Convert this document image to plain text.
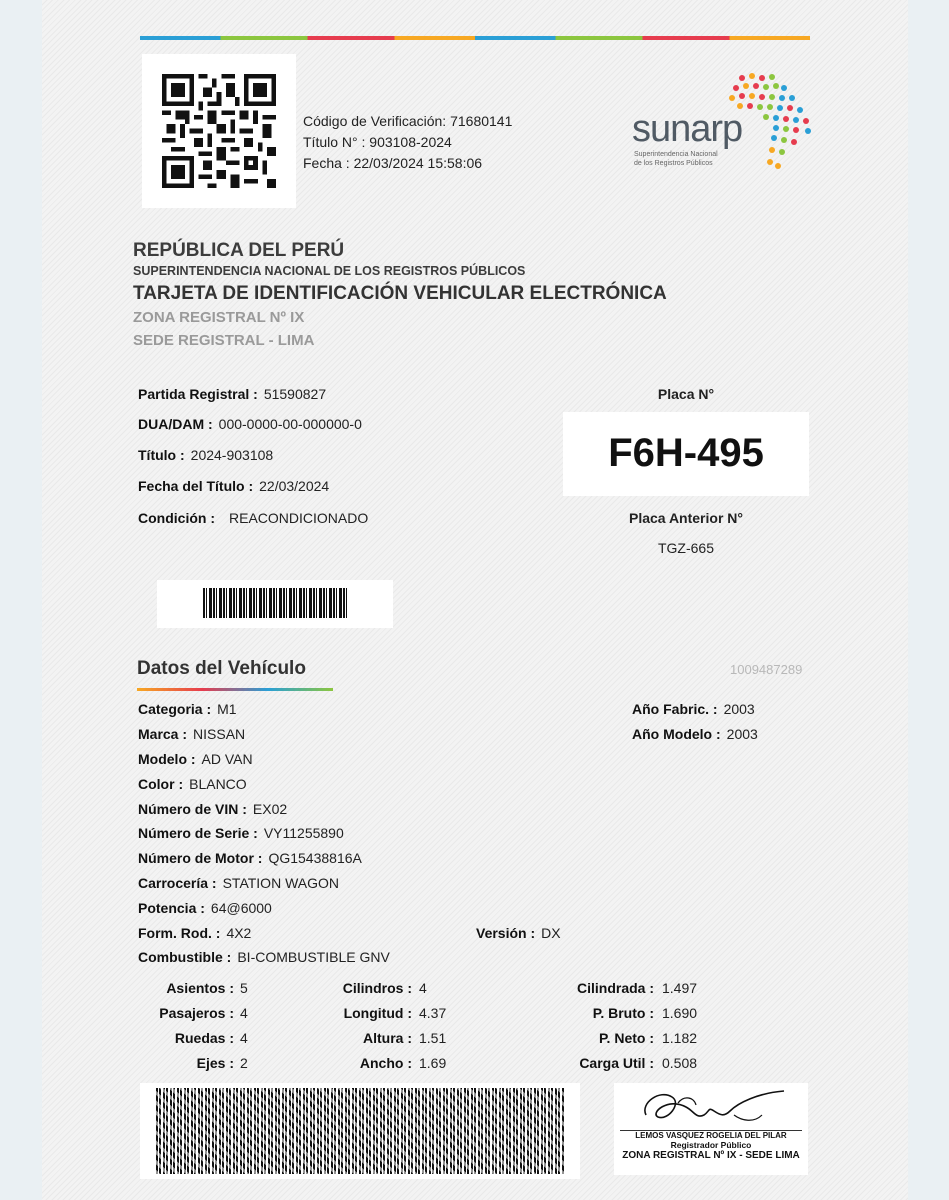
Código de Verificación: 71680141
Título N° : 903108-2024
Fecha : 22/03/2024 15:58:06
sunarp
Superintendencia Nacional
de los Registros Públicos
REPÚBLICA DEL PERÚ
SUPERINTENDENCIA NACIONAL DE LOS REGISTROS PÚBLICOS
TARJETA DE IDENTIFICACIÓN VEHICULAR ELECTRÓNICA
ZONA REGISTRAL Nº IX
SEDE REGISTRAL - LIMA
Partida Registral : 51590827
DUA/DAM : 000-0000-00-000000-0
Título : 2024-903108
Fecha del Título : 22/03/2024
Condición : REACONDICIONADO
Placa N°
F6H-495
Placa Anterior N°
TGZ-665
Datos del Vehículo	1009487289
Categoria : M1
Marca : NISSAN
Modelo : AD VAN
Color : BLANCO
Número de VIN : EX02
Número de Serie : VY11255890
Número de Motor : QG15438816A
Carrocería : STATION WAGON
Potencia : 64@6000
Form. Rod. : 4X2	Versión : DX
Combustible : BI-COMBUSTIBLE GNV
Año Fabric. : 2003
Año Modelo : 2003
Asientos : 5
Pasajeros : 4
Ruedas : 4
Ejes : 2
Cilindros : 4
Longitud : 4.37
Altura : 1.51
Ancho : 1.69
Cilindrada : 1.497
P. Bruto : 1.690
P. Neto : 1.182
Carga Util : 0.508
LEMOS VASQUEZ ROGELIA DEL PILAR
Registrador Público
ZONA REGISTRAL Nº IX - SEDE LIMA
